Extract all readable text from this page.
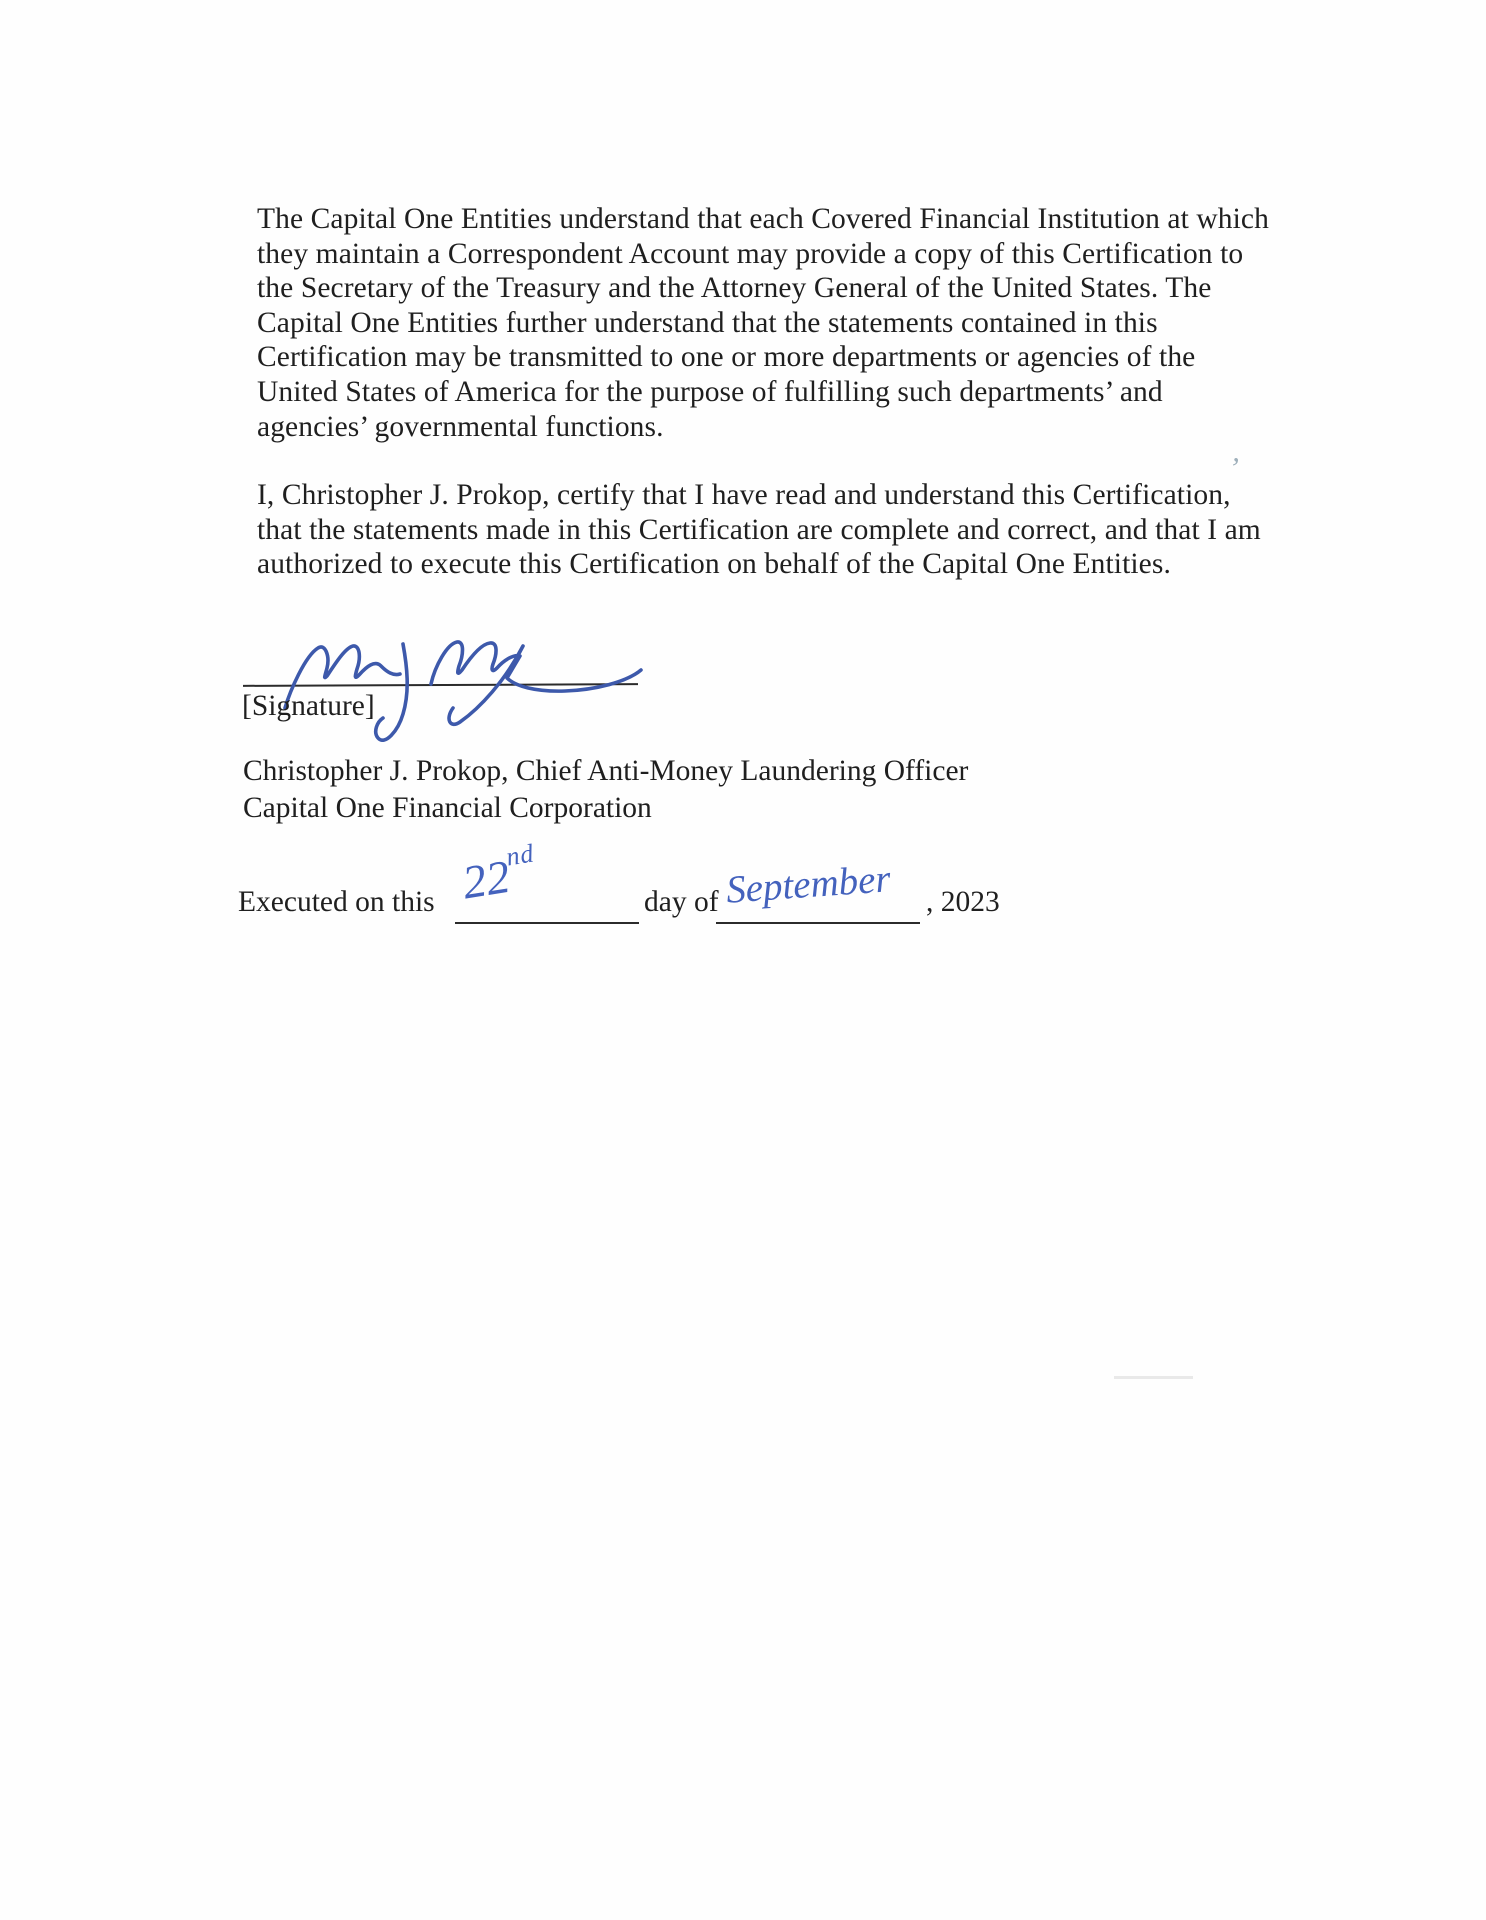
The Capital One Entities understand that each Covered Financial Institution at which
they maintain a Correspondent Account may provide a copy of this Certification to
the Secretary of the Treasury and the Attorney General of the United States. The
Capital One Entities further understand that the statements contained in this
Certification may be transmitted to one or more departments or agencies of the
United States of America for the purpose of fulfilling such departments’ and
agencies’ governmental functions.
I, Christopher J. Prokop, certify that I have read and understand this Certification,
that the statements made in this Certification are complete and correct, and that I am
authorized to execute this Certification on behalf of the Capital One Entities.
’
[Signature]
Christopher J. Prokop, Chief Anti-Money Laundering Officer
Capital One Financial Corporation
Executed on this 22nd
day of September , 2023
